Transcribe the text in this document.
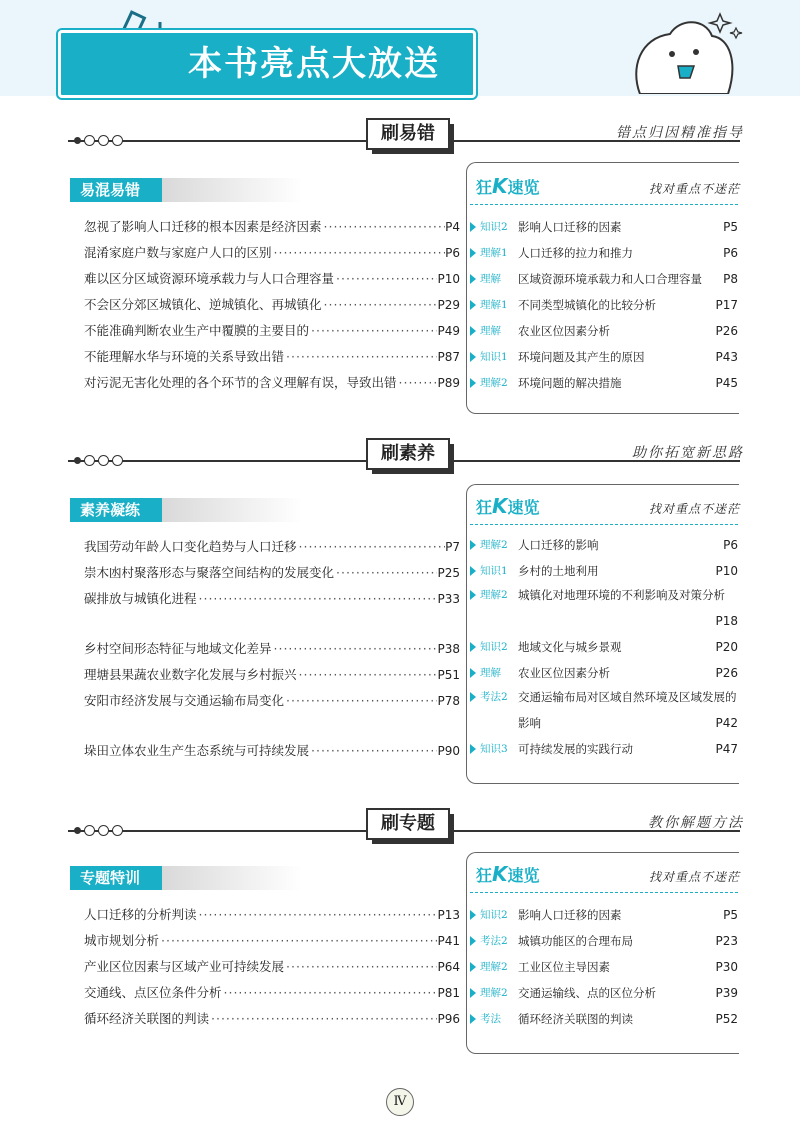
本书亮点大放送
刷易错	错点归因精准指导
易混易错
忽视了影响人口迁移的根本因素是经济因素 ·····	P4
混淆家庭户数与家庭户人口的区别 ·····	P6
难以区分区域资源环境承载力与人口合理容量 ·····	P10
不会区分郊区城镇化、逆城镇化、再城镇化 ·····	P29
不能准确判断农业生产中覆膜的主要目的 ·····	P49
不能理解水华与环境的关系导致出错 ·····	P87
对污泥无害化处理的各个环节的含义理解有误，导致出错 ·····	P89
狂K速览	找对重点不迷茫
知识2 影响人口迁移的因素	P5
理解1 人口迁移的拉力和推力	P6
理解 区域资源环境承载力和人口合理容量	P8
理解1 不同类型城镇化的比较分析	P17
理解 农业区位因素分析	P26
知识1 环境问题及其产生的原因	P43
理解2 环境问题的解决措施	P45
刷素养	助你拓宽新思路
素养凝练
我国劳动年龄人口变化趋势与人口迁移 ·····	P7
崇木凼村聚落形态与聚落空间结构的发展变化 ·····	P25
碳排放与城镇化进程 ·····	P33
乡村空间形态特征与地域文化差异 ·····	P38
理塘县果蔬农业数字化发展与乡村振兴 ·····	P51
安阳市经济发展与交通运输布局变化 ·····	P78
垛田立体农业生产生态系统与可持续发展 ·····	P90
狂K速览	找对重点不迷茫
理解2 人口迁移的影响	P6
知识1 乡村的土地利用	P10
理解2 城镇化对地理环境的不利影响及对策分析
P18
知识2 地域文化与城乡景观	P20
理解 农业区位因素分析	P26
考法2 交通运输布局对区域自然环境及区域发展的影响	P42
知识3 可持续发展的实践行动	P47
刷专题	教你解题方法
专题特训
人口迁移的分析判读 ·····	P13
城市规划分析 ·····	P41
产业区位因素与区域产业可持续发展 ·····	P64
交通线、点区位条件分析 ·····	P81
循环经济关联图的判读 ·····	P96
狂K速览	找对重点不迷茫
知识2 影响人口迁移的因素	P5
考法2 城镇功能区的合理布局	P23
理解2 工业区位主导因素	P30
理解2 交通运输线、点的区位分析	P39
考法 循环经济关联图的判读	P52
Ⅳ
